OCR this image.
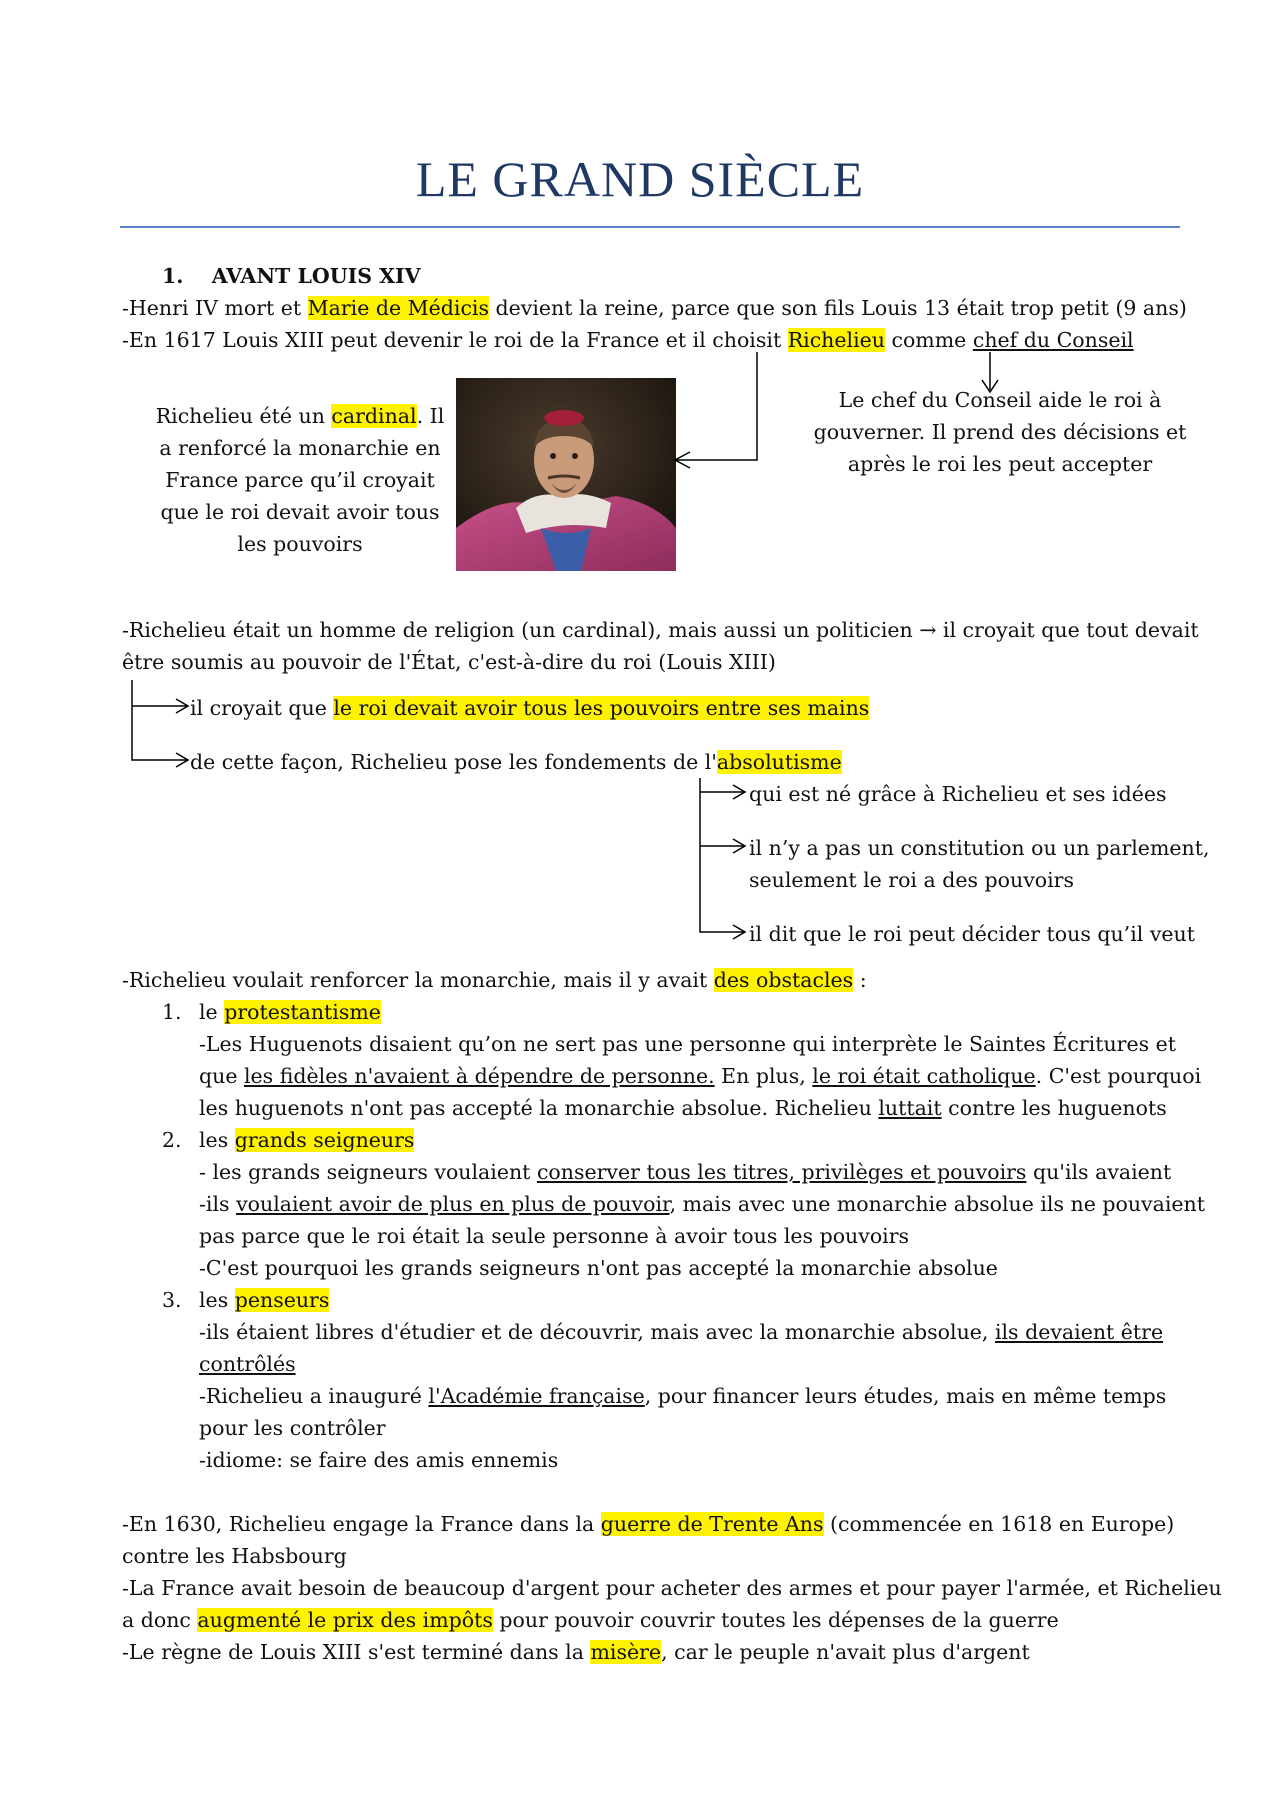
LE GRAND SIÈCLE
1. AVANT LOUIS XIV
-Henri IV mort et Marie de Médicis devient la reine, parce que son fils Louis 13 était trop petit (9 ans)
-En 1617 Louis XIII peut devenir le roi de la France et il choisit Richelieu comme chef du Conseil
Richelieu été un cardinal. Il
a renforcé la monarchie en
France parce qu’il croyait
que le roi devait avoir tous
les pouvoirs
Le chef du Conseil aide le roi à
gouverner. Il prend des décisions et
après le roi les peut accepter
-Richelieu était un homme de religion (un cardinal), mais aussi un politicien → il croyait que tout devait
être soumis au pouvoir de l'État, c'est-à-dire du roi (Louis XIII)
il croyait que le roi devait avoir tous les pouvoirs entre ses mains
de cette façon, Richelieu pose les fondements de l'absolutisme
qui est né grâce à Richelieu et ses idées
il n’y a pas un constitution ou un parlement,
seulement le roi a des pouvoirs
il dit que le roi peut décider tous qu’il veut
-Richelieu voulait renforcer la monarchie, mais il y avait des obstacles :
1. le protestantisme
-Les Huguenots disaient qu’on ne sert pas une personne qui interprète le Saintes Écritures et
que les fidèles n'avaient à dépendre de personne. En plus, le roi était catholique. C'est pourquoi
les huguenots n'ont pas accepté la monarchie absolue. Richelieu luttait contre les huguenots
2. les grands seigneurs
- les grands seigneurs voulaient conserver tous les titres, privilèges et pouvoirs qu'ils avaient
-ils voulaient avoir de plus en plus de pouvoir, mais avec une monarchie absolue ils ne pouvaient
pas parce que le roi était la seule personne à avoir tous les pouvoirs
-C'est pourquoi les grands seigneurs n'ont pas accepté la monarchie absolue
3. les penseurs
-ils étaient libres d'étudier et de découvrir, mais avec la monarchie absolue, ils devaient être
contrôlés
-Richelieu a inauguré l'Académie française, pour financer leurs études, mais en même temps
pour les contrôler
-idiome: se faire des amis ennemis
-En 1630, Richelieu engage la France dans la guerre de Trente Ans (commencée en 1618 en Europe)
contre les Habsbourg
-La France avait besoin de beaucoup d'argent pour acheter des armes et pour payer l'armée, et Richelieu
a donc augmenté le prix des impôts pour pouvoir couvrir toutes les dépenses de la guerre
-Le règne de Louis XIII s'est terminé dans la misère, car le peuple n'avait plus d'argent
